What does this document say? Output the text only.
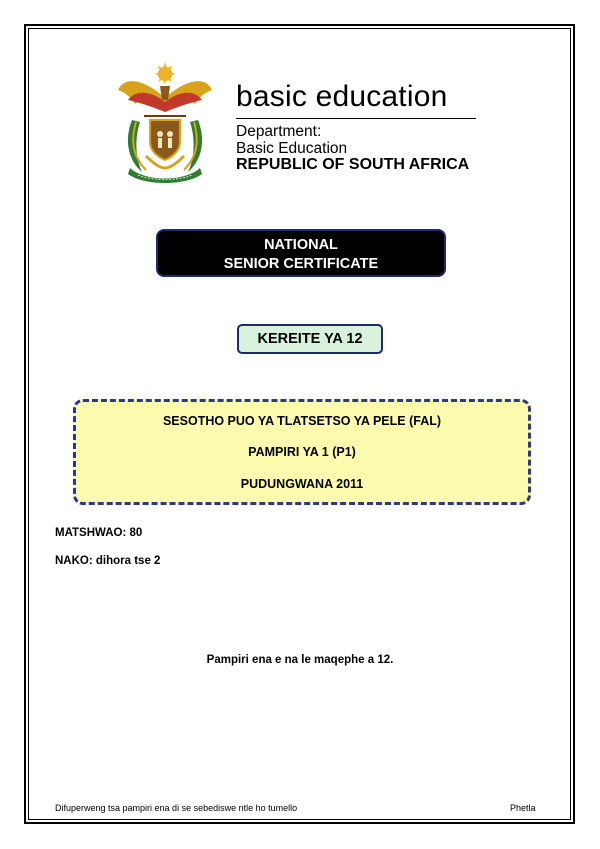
basic education
Department:
Basic Education
REPUBLIC OF SOUTH AFRICA
NATIONAL
SENIOR CERTIFICATE
KEREITE YA 12
SESOTHO PUO YA TLATSETSO YA PELE (FAL)
PAMPIRI YA 1 (P1)
PUDUNGWANA 2011
MATSHWAO: 80
NAKO: dihora tse 2
Pampiri ena e na le maqephe a 12.
Difuperweng tsa pampiri ena di se sebediswe ntle ho tumello	Phetla
